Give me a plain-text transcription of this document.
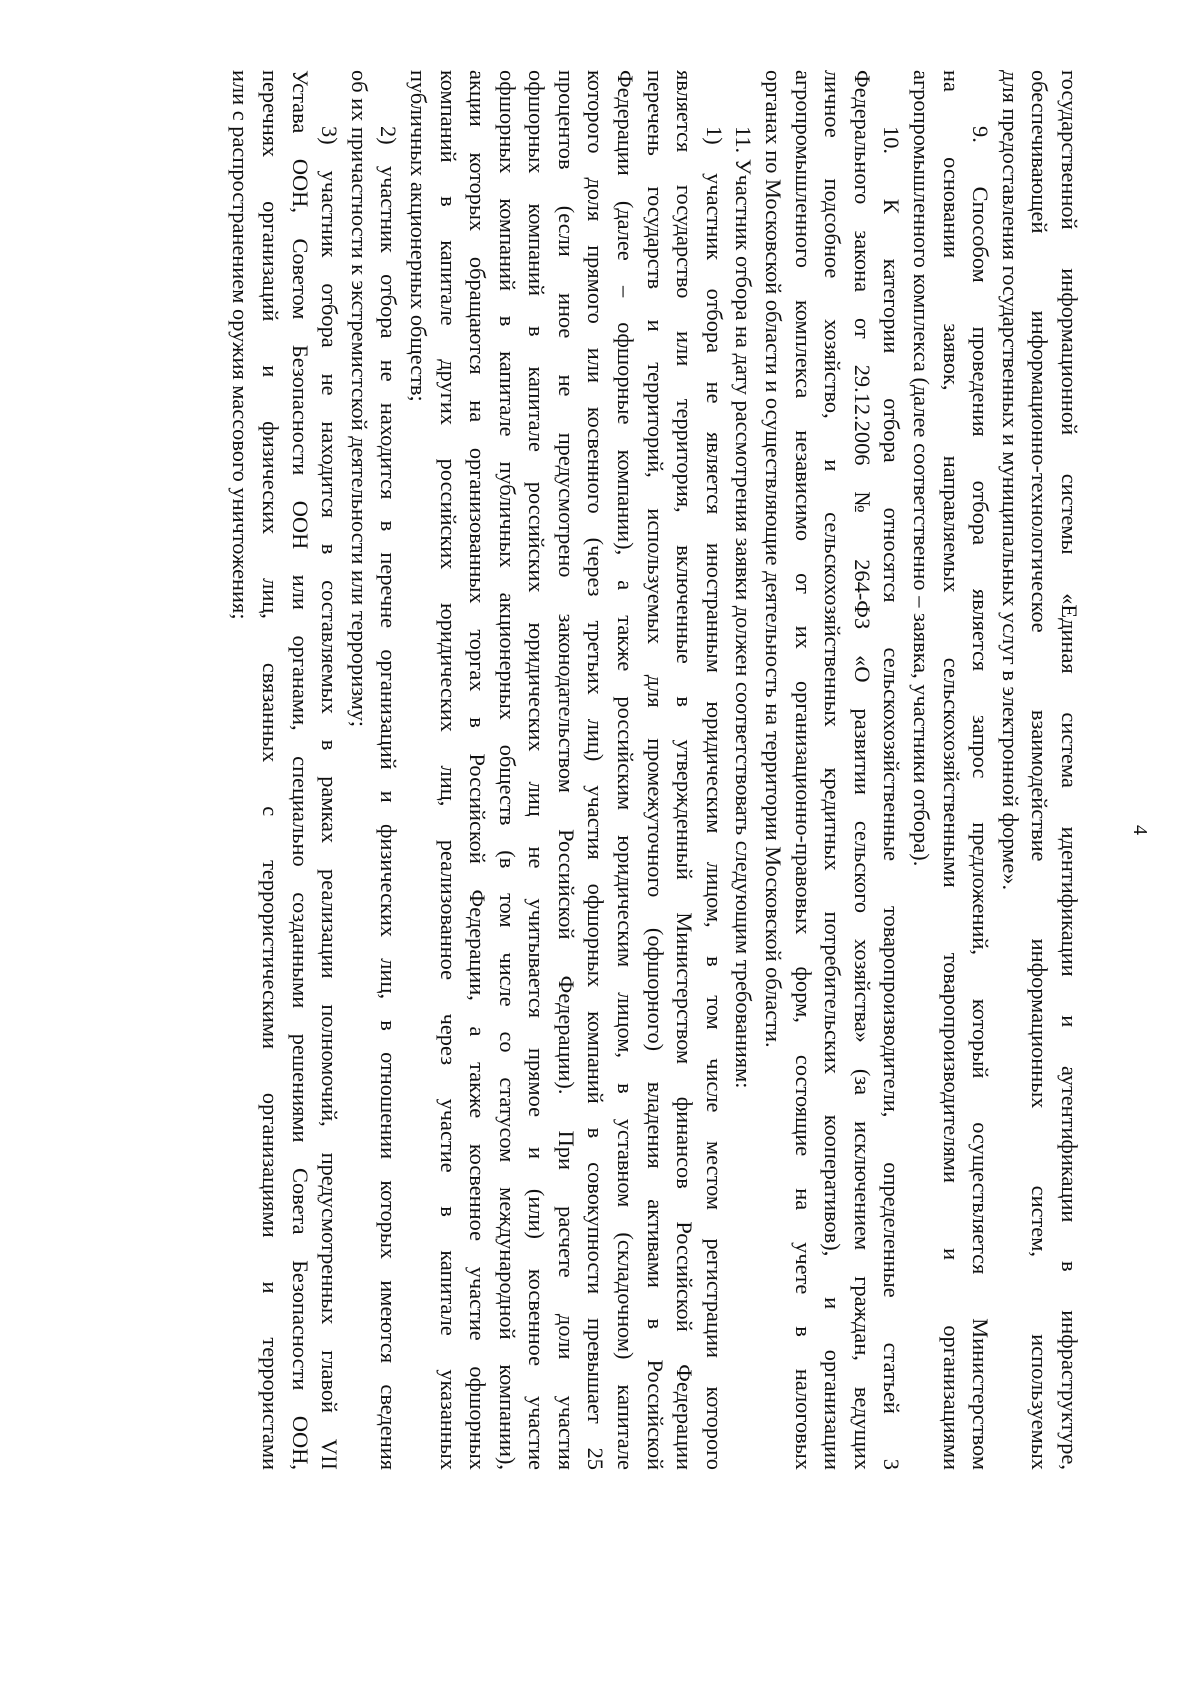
4
государственной информационной системы «Единая система идентификации и аутентификации в инфраструктуре,
обеспечивающей информационно-технологическое взаимодействие информационных систем, используемых
для предоставления государственных и муниципальных услуг в электронной форме».
9. Способом проведения отбора является запрос предложений, который осуществляется Министерством
на основании заявок, направляемых сельскохозяйственными товаропроизводителями и организациями
агропромышленного комплекса (далее соответственно – заявка, участники отбора).
10. К категории отбора относятся сельскохозяйственные товаропроизводители, определенные статьей 3
Федерального закона от 29.12.2006 № 264-ФЗ «О развитии сельского хозяйства» (за исключением граждан, ведущих
личное подсобное хозяйство, и сельскохозяйственных кредитных потребительских кооперативов), и организации
агропромышленного комплекса независимо от их организационно-правовых форм, состоящие на учете в налоговых
органах по Московской области и осуществляющие деятельность на территории Московской области.
11. Участник отбора на дату рассмотрения заявки должен соответствовать следующим требованиям:
1) участник отбора не является иностранным юридическим лицом, в том числе местом регистрации которого
является государство или территория, включенные в утвержденный Министерством финансов Российской Федерации
перечень государств и территорий, используемых для промежуточного (офшорного) владения активами в Российской
Федерации (далее – офшорные компании), а также российским юридическим лицом, в уставном (складочном) капитале
которого доля прямого или косвенного (через третьих лиц) участия офшорных компаний в совокупности превышает 25
процентов (если иное не предусмотрено законодательством Российской Федерации). При расчете доли участия
офшорных компаний в капитале российских юридических лиц не учитывается прямое и (или) косвенное участие
офшорных компаний в капитале публичных акционерных обществ (в том числе со статусом международной компании),
акции которых обращаются на организованных торгах в Российской Федерации, а также косвенное участие офшорных
компаний в капитале других российских юридических лиц, реализованное через участие в капитале указанных
публичных акционерных обществ;
2) участник отбора не находится в перечне организаций и физических лиц, в отношении которых имеются сведения
об их причастности к экстремистской деятельности или терроризму;
3) участник отбора не находится в составляемых в рамках реализации полномочий, предусмотренных главой VII
Устава ООН, Советом Безопасности ООН или органами, специально созданными решениями Совета Безопасности ООН,
перечнях организаций и физических лиц, связанных с террористическими организациями и террористами
или с распространением оружия массового уничтожения;
